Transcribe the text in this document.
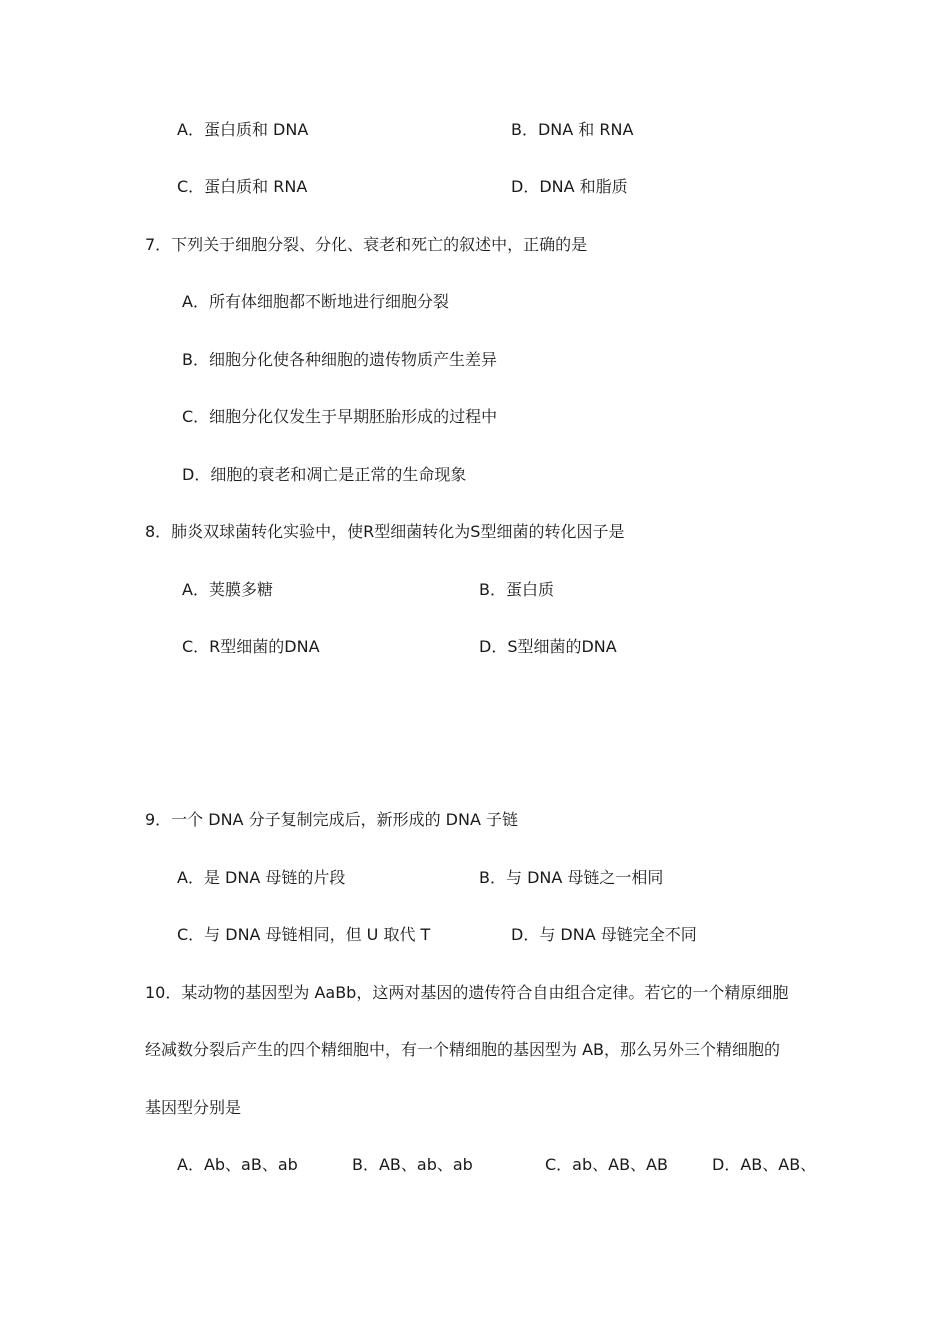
A．蛋白质和 DNA	B．DNA 和 RNA
C．蛋白质和 RNA	D．DNA 和脂质
7．下列关于细胞分裂、分化、衰老和死亡的叙述中，正确的是
A．所有体细胞都不断地进行细胞分裂
B．细胞分化使各种细胞的遗传物质产生差异
C．细胞分化仅发生于早期胚胎形成的过程中
D．细胞的衰老和凋亡是正常的生命现象
8．肺炎双球菌转化实验中，使R型细菌转化为S型细菌的转化因子是
A．荚膜多糖	B．蛋白质
C．R型细菌的DNA	D．S型细菌的DNA
9．一个 DNA 分子复制完成后，新形成的 DNA 子链
A．是 DNA 母链的片段	B．与 DNA 母链之一相同
C．与 DNA 母链相同，但 U 取代 T	D．与 DNA 母链完全不同
10．某动物的基因型为 AaBb，这两对基因的遗传符合自由组合定律。若它的一个精原细胞
经减数分裂后产生的四个精细胞中，有一个精细胞的基因型为 AB，那么另外三个精细胞的
基因型分别是
A．Ab、aB、ab	B．AB、ab、ab	C．ab、AB、AB	D．AB、AB、
